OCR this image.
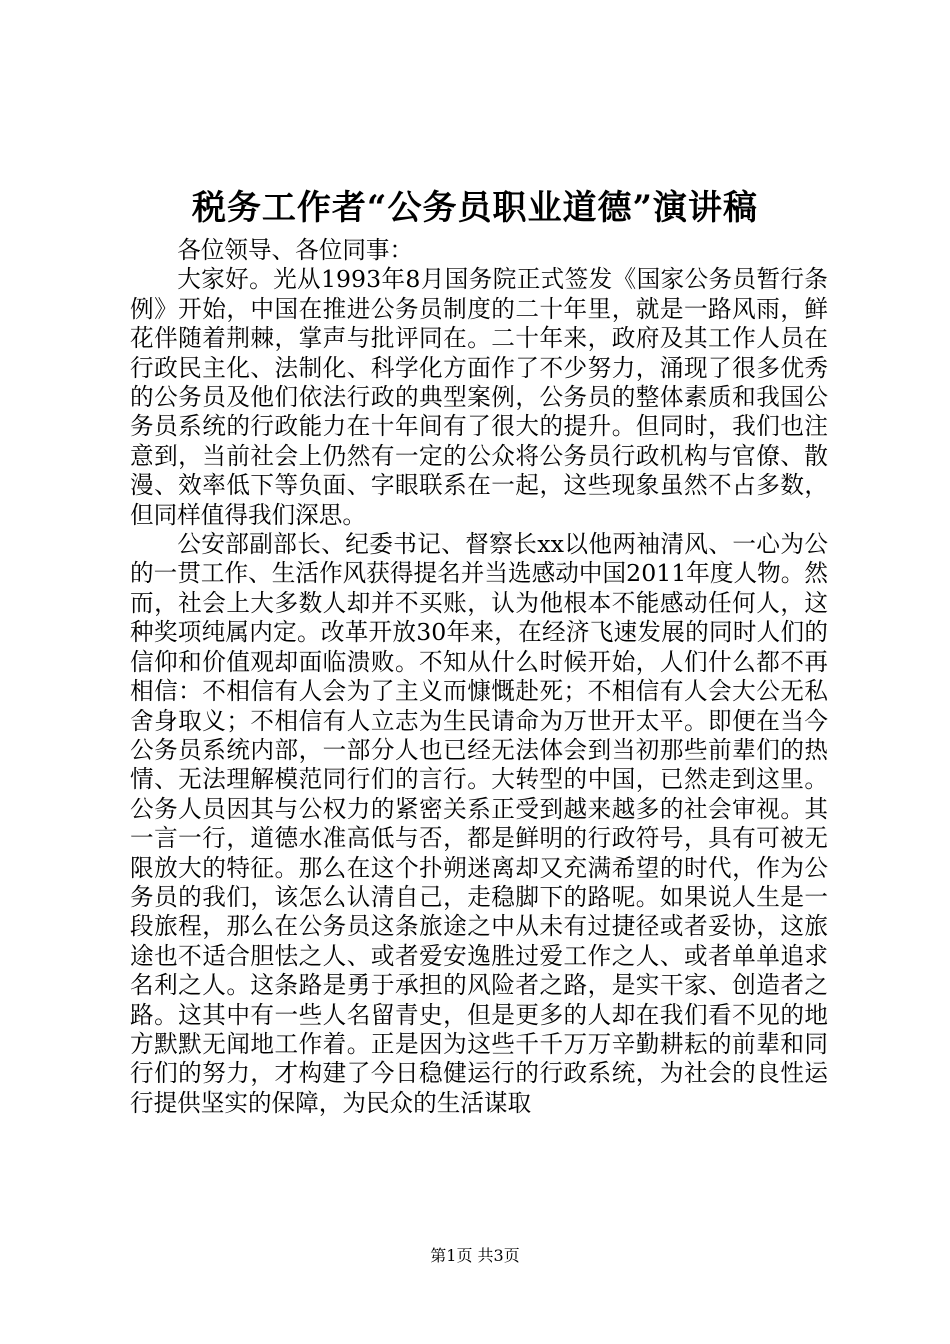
税务工作者“公务员职业道德”演讲稿

各位领导、各位同事：

大家好。光从1993年8月国务院正式签发《国家公务员暂行条例》开始，中国在推进公务员制度的二十年里，就是一路风雨，鲜花伴随着荆棘，掌声与批评同在。二十年来，政府及其工作人员在行政民主化、法制化、科学化方面作了不少努力，涌现了很多优秀的公务员及他们依法行政的典型案例，公务员的整体素质和我国公务员系统的行政能力在十年间有了很大的提升。但同时，我们也注意到，当前社会上仍然有一定的公众将公务员行政机构与官僚、散漫、效率低下等负面、字眼联系在一起，这些现象虽然不占多数，但同样值得我们深思。

公安部副部长、纪委书记、督察长xx以他两袖清风、一心为公的一贯工作、生活作风获得提名并当选感动中国2011年度人物。然而，社会上大多数人却并不买账，认为他根本不能感动任何人，这种奖项纯属内定。改革开放30年来，在经济飞速发展的同时人们的信仰和价值观却面临溃败。不知从什么时候开始，人们什么都不再相信：不相信有人会为了主义而慷慨赴死；不相信有人会大公无私舍身取义；不相信有人立志为生民请命为万世开太平。即便在当今公务员系统内部，一部分人也已经无法体会到当初那些前辈们的热情、无法理解模范同行们的言行。大转型的中国，已然走到这里。公务人员因其与公权力的紧密关系正受到越来越多的社会审视。其一言一行，道德水准高低与否，都是鲜明的行政符号，具有可被无限放大的特征。那么在这个扑朔迷离却又充满希望的时代，作为公务员的我们，该怎么认清自己，走稳脚下的路呢。如果说人生是一段旅程，那么在公务员这条旅途之中从未有过捷径或者妥协，这旅途也不适合胆怯之人、或者爱安逸胜过爱工作之人、或者单单追求名利之人。这条路是勇于承担的风险者之路，是实干家、创造者之路。这其中有一些人名留青史，但是更多的人却在我们看不见的地方默默无闻地工作着。正是因为这些千千万万辛勤耕耘的前辈和同行们的努力，才构建了今日稳健运行的行政系统，为社会的良性运行提供坚实的保障，为民众的生活谋取

第1页 共3页
